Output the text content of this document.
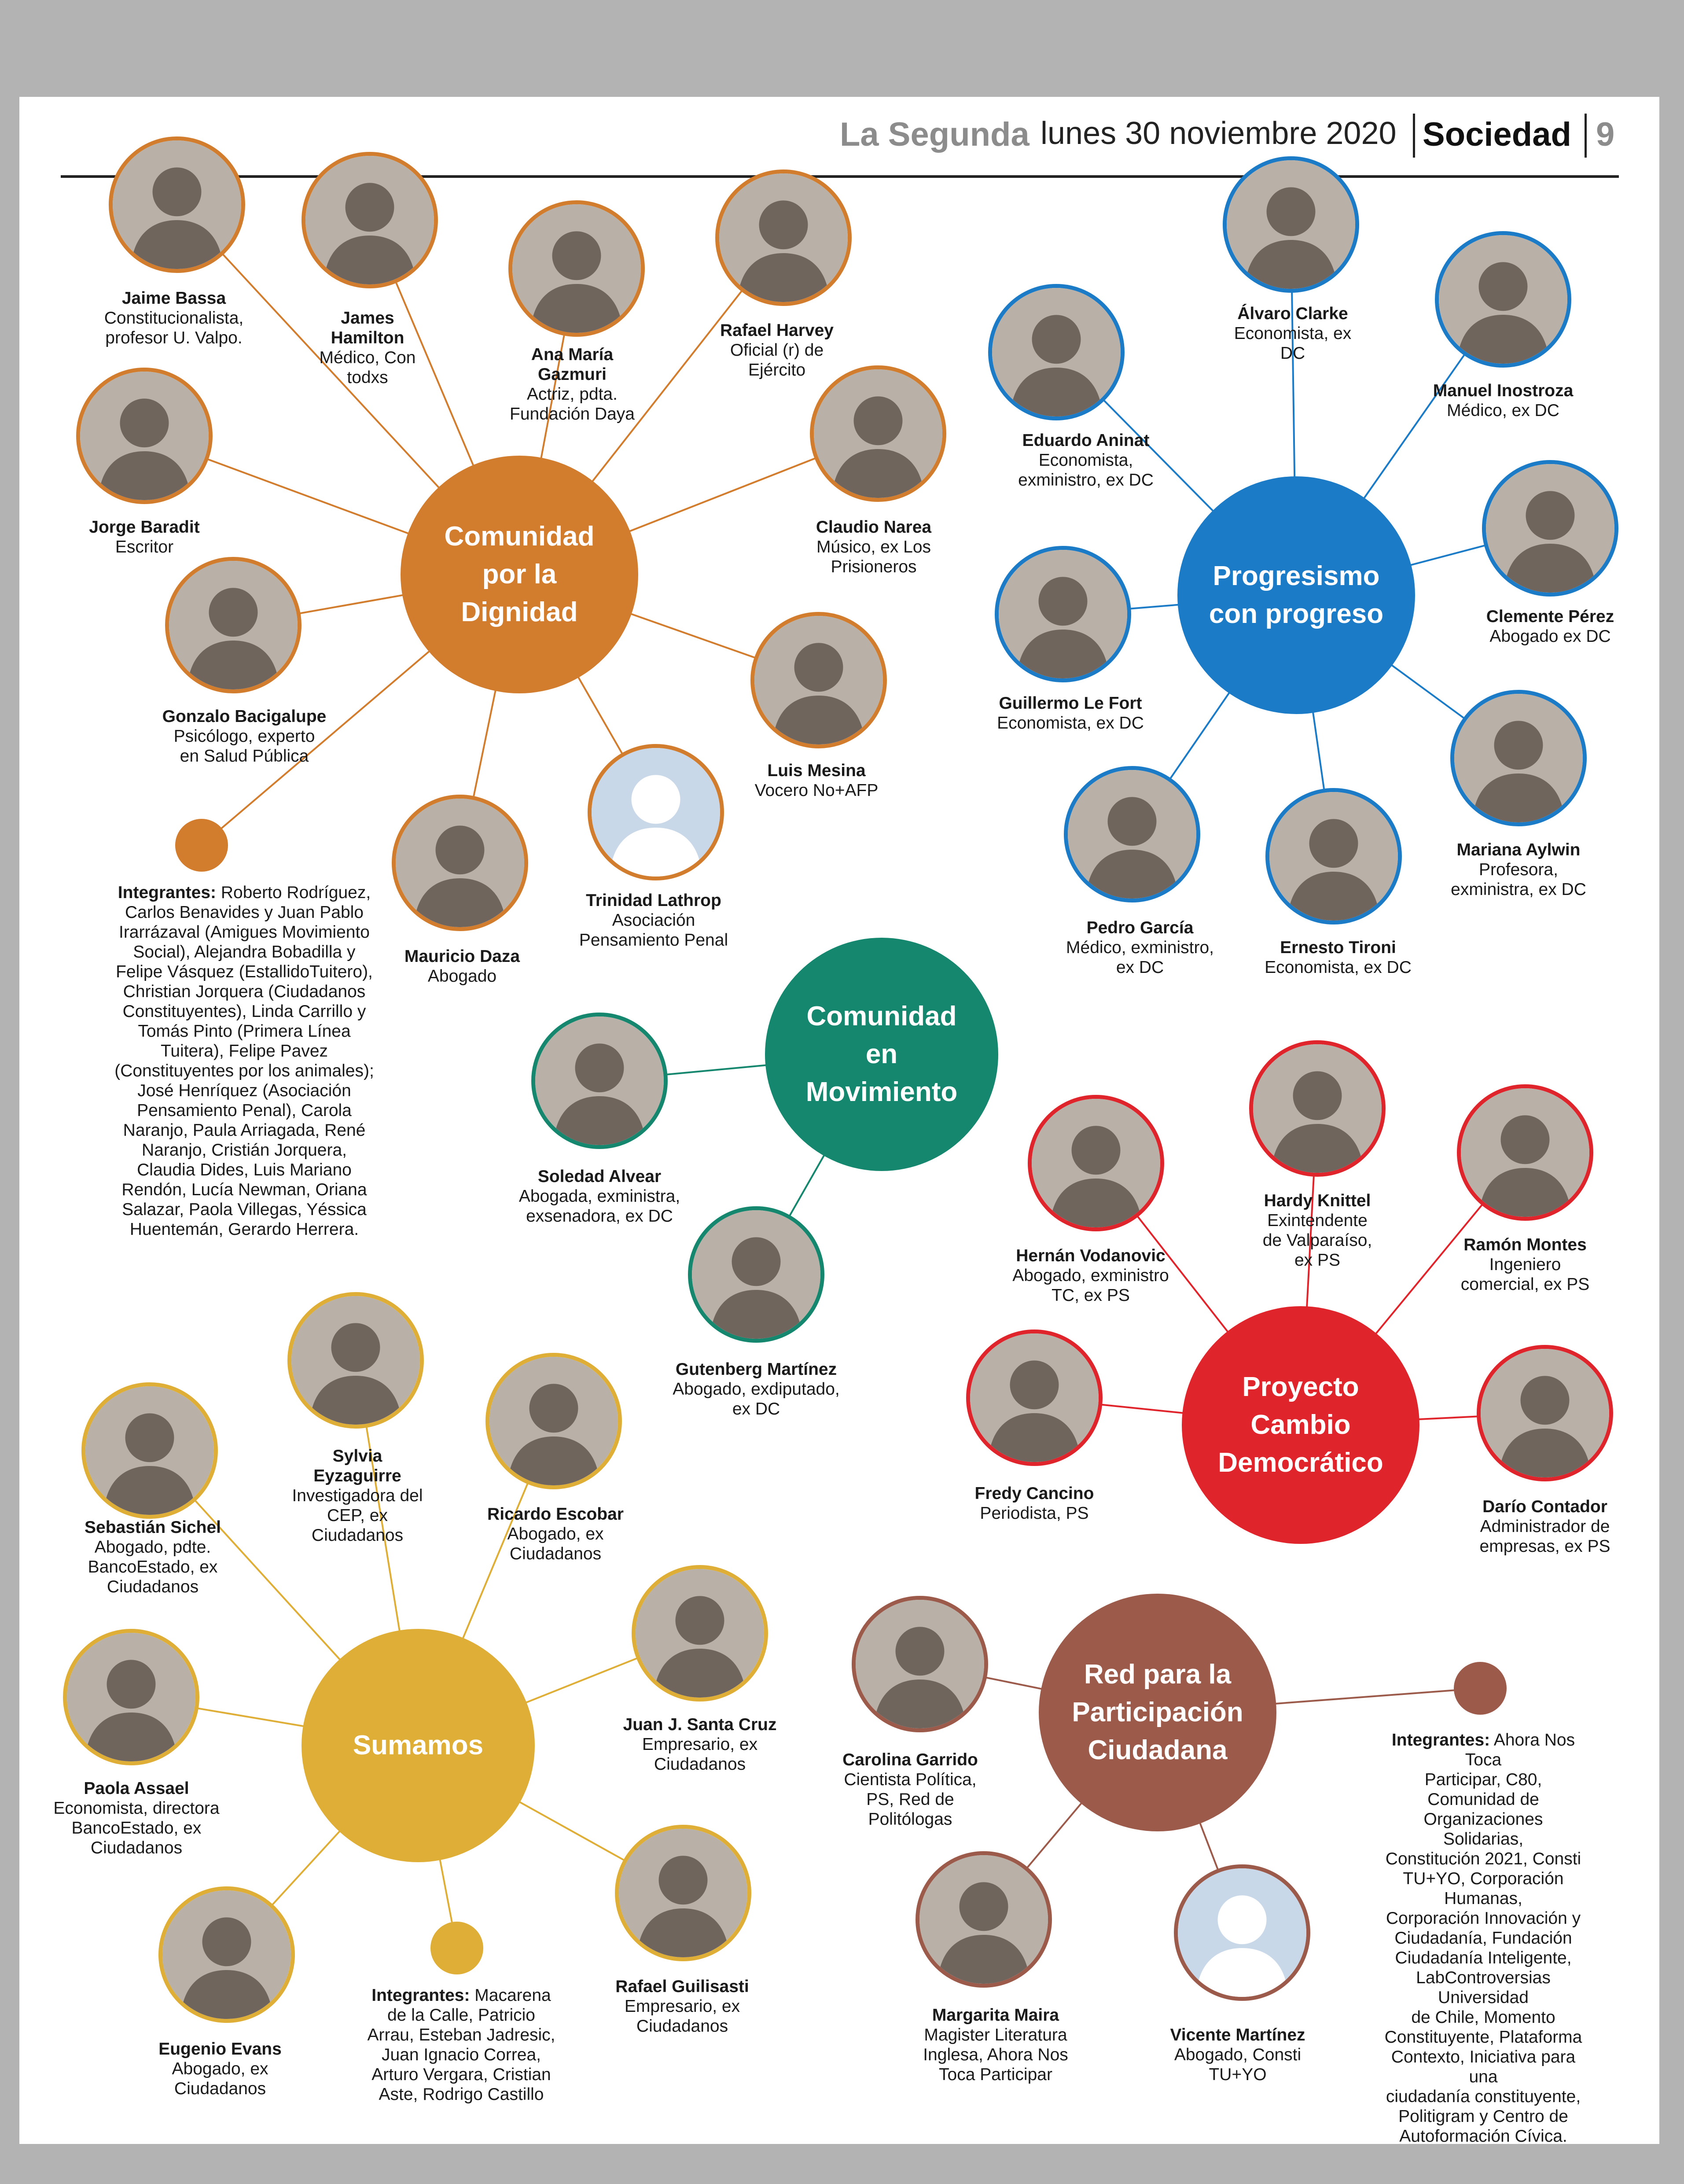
La Segunda lunes 30 noviembre 2020 Sociedad 9
Comunidad
por la
Dignidad
Jaime Bassa
Constitucionalista,
profesor U. Valpo.
James
Hamilton
Médico, Con
todxs
Ana María
Gazmuri
Actriz, pdta.
Fundación Daya
Rafael Harvey
Oficial (r) de
Ejército
Jorge Baradit
Escritor
Claudio Narea
Músico, ex Los
Prisioneros
Gonzalo Bacigalupe
Psicólogo, experto
en Salud Pública
Luis Mesina
Vocero No+AFP
Trinidad Lathrop
Asociación
Pensamiento Penal
Mauricio Daza
Abogado
Integrantes: Roberto Rodríguez,
Carlos Benavides y Juan Pablo
Irarrázaval (Amigues Movimiento
Social), Alejandra Bobadilla y
Felipe Vásquez (EstallidoTuitero),
Christian Jorquera (Ciudadanos
Constituyentes), Linda Carrillo y
Tomás Pinto (Primera Línea
Tuitera), Felipe Pavez
(Constituyentes por los animales);
José Henríquez (Asociación
Pensamiento Penal), Carola
Naranjo, Paula Arriagada, René
Naranjo, Cristián Jorquera,
Claudia Dides, Luis Mariano
Rendón, Lucía Newman, Oriana
Salazar, Paola Villegas, Yéssica
Huentemán, Gerardo Herrera.
Progresismo
con progreso
Álvaro Clarke
Economista, ex
DC
Manuel Inostroza
Médico, ex DC
Eduardo Aninat
Economista,
exministro, ex DC
Clemente Pérez
Abogado ex DC
Guillermo Le Fort
Economista, ex DC
Mariana Aylwin
Profesora,
exministra, ex DC
Pedro García
Médico, exministro,
ex DC
Ernesto Tironi
Economista, ex DC
Comunidad
en
Movimiento
Soledad Alvear
Abogada, exministra,
exsenadora, ex DC
Gutenberg Martínez
Abogado, exdiputado,
ex DC
Proyecto
Cambio
Democrático
Hernán Vodanovic
Abogado, exministro
TC, ex PS
Hardy Knittel
Exintendente
de Valparaíso,
ex PS
Ramón Montes
Ingeniero
comercial, ex PS
Fredy Cancino
Periodista, PS	Darío Contador
Administrador de
empresas, ex PS
Sumamos
Sebastián Sichel
Abogado, pdte.
BancoEstado, ex
Ciudadanos
Sylvia
Eyzaguirre
Investigadora del
CEP, ex
Ciudadanos
Ricardo Escobar
Abogado, ex
Ciudadanos
Juan J. Santa Cruz
Empresario, ex
Ciudadanos
Paola Assael
Economista, directora
BancoEstado, ex
Ciudadanos
Rafael Guilisasti
Empresario, ex
Ciudadanos
Eugenio Evans
Abogado, ex
Ciudadanos
Integrantes: Macarena
de la Calle, Patricio
Arrau, Esteban Jadresic,
Juan Ignacio Correa,
Arturo Vergara, Cristian
Aste, Rodrigo Castillo
Red para la
Participación
Ciudadana
Carolina Garrido
Cientista Política,
PS, Red de
Politólogas
Margarita Maira
Magister Literatura
Inglesa, Ahora Nos
Toca Participar
Vicente Martínez
Abogado, Consti
TU+YO
Integrantes: Ahora Nos Toca
Participar, C80, Comunidad de
Organizaciones Solidarias,
Constitución 2021, Consti
TU+YO, Corporación Humanas,
Corporación Innovación y
Ciudadanía, Fundación
Ciudadanía Inteligente,
LabControversias Universidad
de Chile, Momento
Constituyente, Plataforma
Contexto, Iniciativa para una
ciudadanía constituyente,
Politigram y Centro de
Autoformación Cívica.
